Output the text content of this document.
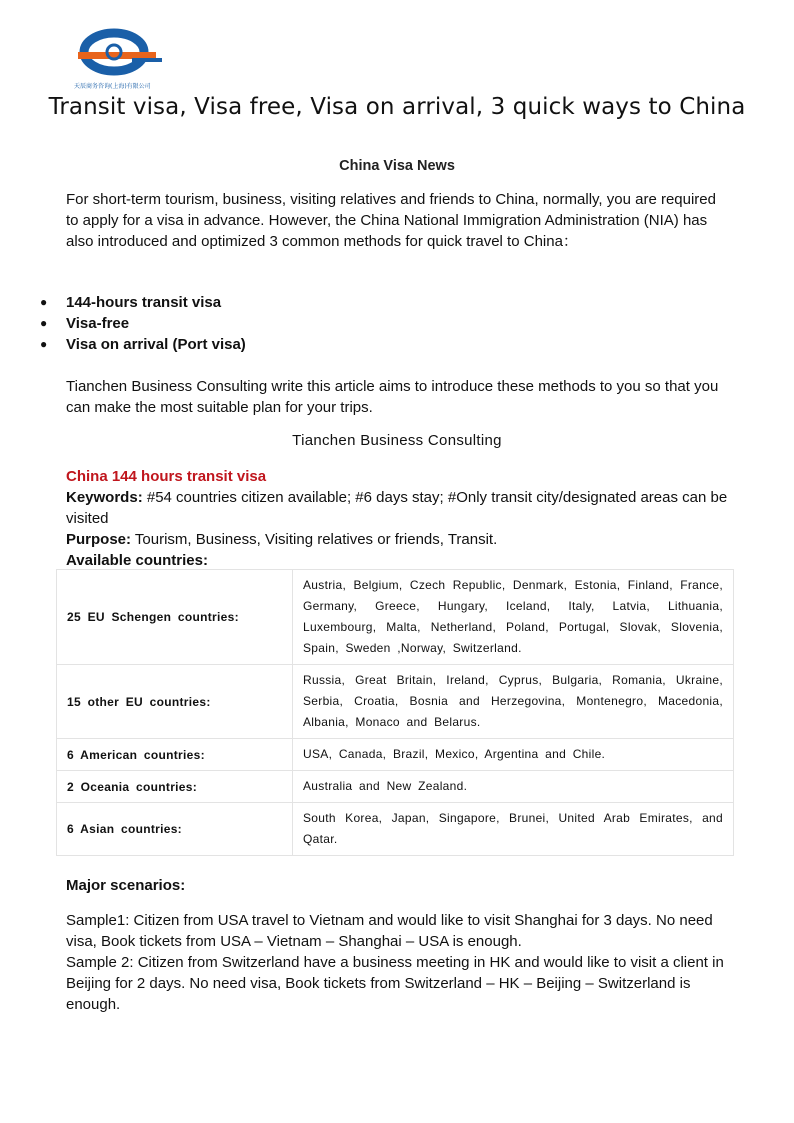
天辰商务咨询(上海)有限公司
Transit visa, Visa free, Visa on arrival, 3 quick ways to China
China Visa News
For short-term tourism, business, visiting relatives and friends to China, normally, you are required to apply for a visa in advance. However, the China National Immigration Administration (NIA) has also introduced and optimized 3 common methods for quick travel to China：
● 144-hours transit visa
● Visa-free
● Visa on arrival (Port visa)
Tianchen Business Consulting write this article aims to introduce these methods to you so that you can make the most suitable plan for your trips.
Tianchen Business Consulting
China 144 hours transit visa
Keywords: #54 countries citizen available; #6 days stay; #Only transit city/designated areas can be visited
Purpose: Tourism, Business, Visiting relatives or friends, Transit.
Available countries:
25 EU Schengen countries:	Austria, Belgium, Czech Republic, Denmark, Estonia, Finland, France, Germany, Greece, Hungary, Iceland, Italy, Latvia, Lithuania, Luxembourg, Malta, Netherland, Poland, Portugal, Slovak, Slovenia, Spain, Sweden ,Norway, Switzerland.
15 other EU countries:	Russia, Great Britain, Ireland, Cyprus, Bulgaria, Romania, Ukraine, Serbia, Croatia, Bosnia and Herzegovina, Montenegro, Macedonia, Albania, Monaco and Belarus.
6 American countries:	USA, Canada, Brazil, Mexico, Argentina and Chile.
2 Oceania countries:	Australia and New Zealand.
6 Asian countries:	South Korea, Japan, Singapore, Brunei, United Arab Emirates, and Qatar.
Major scenarios:
Sample1: Citizen from USA travel to Vietnam and would like to visit Shanghai for 3 days. No need visa, Book tickets from USA – Vietnam – Shanghai – USA is enough.
Sample 2: Citizen from Switzerland have a business meeting in HK and would like to visit a client in Beijing for 2 days. No need visa, Book tickets from Switzerland – HK – Beijing – Switzerland is enough.
